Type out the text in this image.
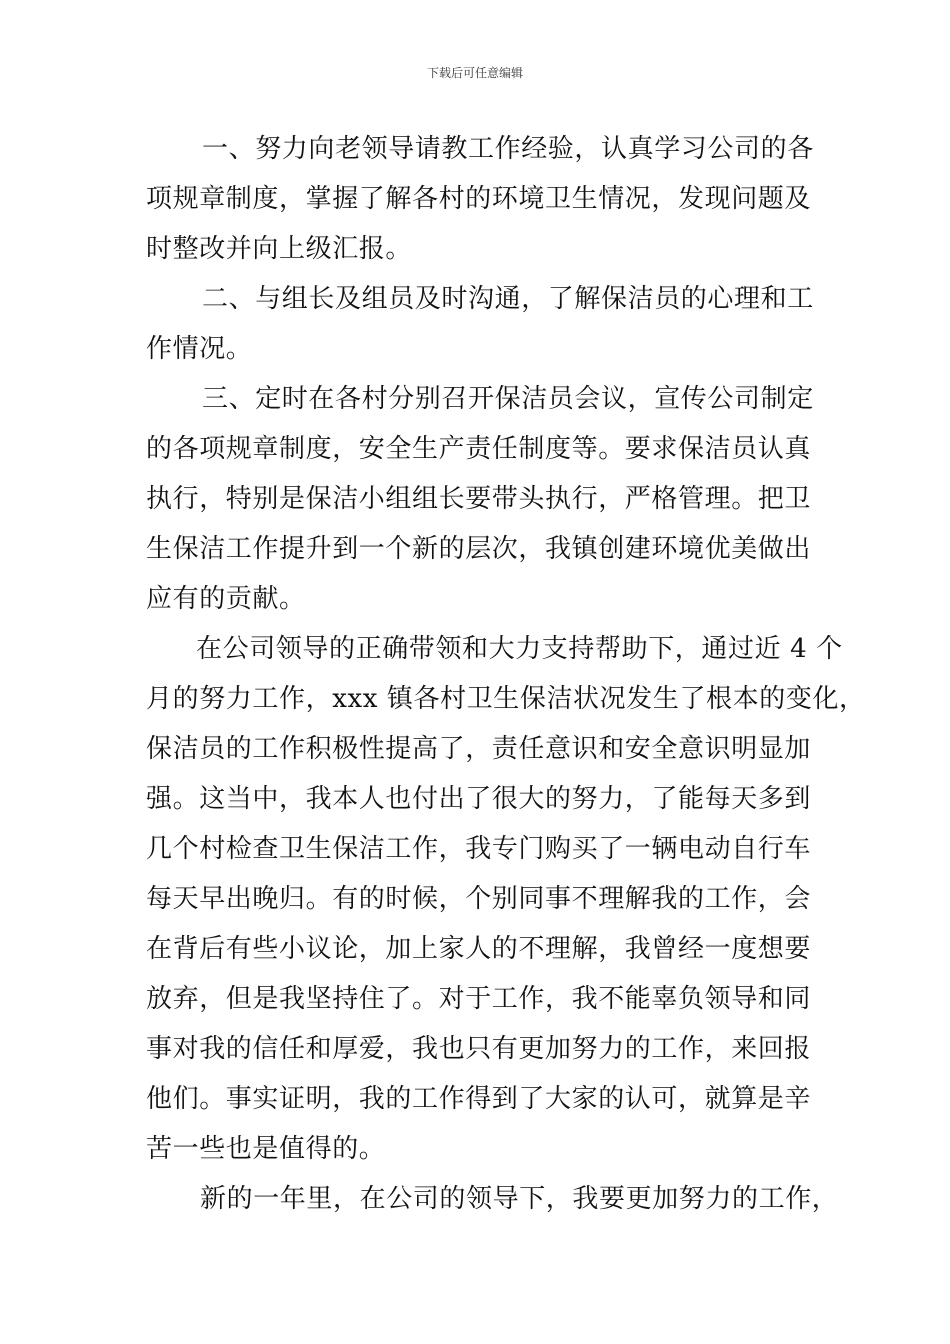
下载后可任意编辑
一、努力向老领导请教工作经验，认真学习公司的各
项规章制度，掌握了解各村的环境卫生情况，发现问题及
时整改并向上级汇报。
二、与组长及组员及时沟通，了解保洁员的心理和工
作情况。
三、定时在各村分别召开保洁员会议，宣传公司制定
的各项规章制度，安全生产责任制度等。要求保洁员认真
执行，特别是保洁小组组长要带头执行，严格管理。把卫
生保洁工作提升到一个新的层次，我镇创建环境优美做出
应有的贡献。
在公司领导的正确带领和大力支持帮助下，通过近 4 个
月的努力工作，xxx 镇各村卫生保洁状况发生了根本的变化，
保洁员的工作积极性提高了，责任意识和安全意识明显加
强。这当中，我本人也付出了很大的努力，了能每天多到
几个村检查卫生保洁工作，我专门购买了一辆电动自行车
每天早出晚归。有的时候，个别同事不理解我的工作，会
在背后有些小议论，加上家人的不理解，我曾经一度想要
放弃，但是我坚持住了。对于工作，我不能辜负领导和同
事对我的信任和厚爱，我也只有更加努力的工作，来回报
他们。事实证明，我的工作得到了大家的认可，就算是辛
苦一些也是值得的。
新的一年里，在公司的领导下，我要更加努力的工作，
